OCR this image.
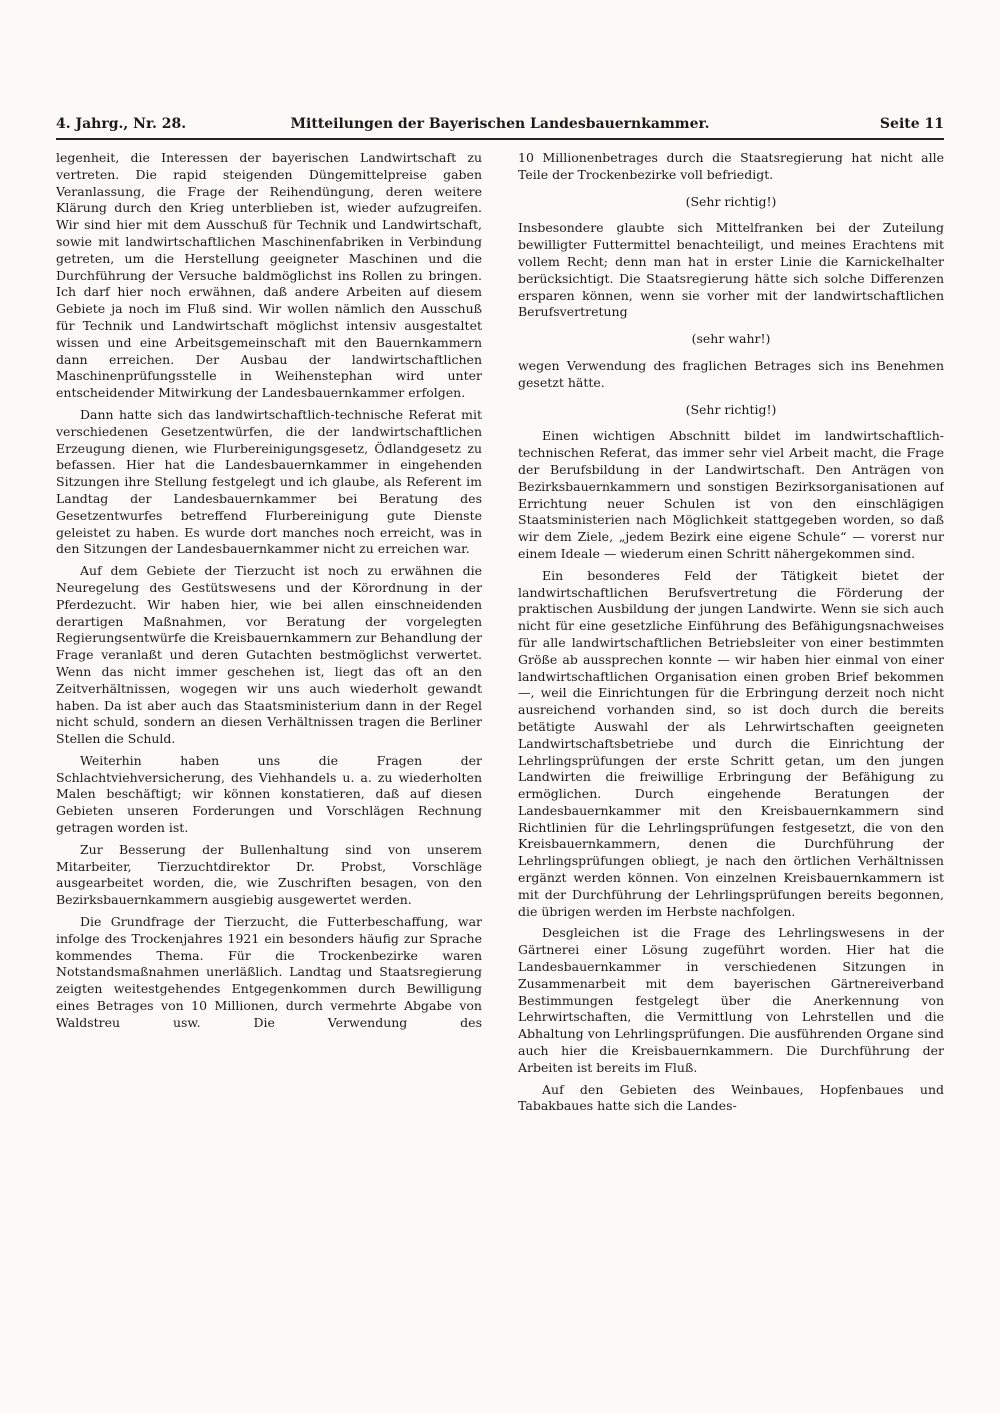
4. Jahrg., Nr. 28.	Mitteilungen der Bayerischen Landesbauernkammer.	Seite 11

legenheit, die Interessen der bayerischen Landwirtschaft zu vertreten. Die rapid steigenden Düngemittelpreise gaben Veranlassung, die Frage der Reihendüngung, deren weitere Klärung durch den Krieg unterblieben ist, wieder aufzugreifen. Wir sind hier mit dem Ausschuß für Technik und Landwirtschaft, sowie mit landwirtschaftlichen Maschinenfabriken in Verbindung getreten, um die Herstellung geeigneter Maschinen und die Durchführung der Versuche baldmöglichst ins Rollen zu bringen. Ich darf hier noch erwähnen, daß andere Arbeiten auf diesem Gebiete ja noch im Fluß sind. Wir wollen nämlich den Ausschuß für Technik und Landwirtschaft möglichst intensiv ausgestaltet wissen und eine Arbeitsgemeinschaft mit den Bauernkammern dann erreichen. Der Ausbau der landwirtschaftlichen Maschinenprüfungsstelle in Weihenstephan wird unter entscheidender Mitwirkung der Landesbauernkammer erfolgen.

Dann hatte sich das landwirtschaftlich-technische Referat mit verschiedenen Gesetzentwürfen, die der landwirtschaftlichen Erzeugung dienen, wie Flurbereinigungsgesetz, Ödlandgesetz zu befassen. Hier hat die Landesbauernkammer in eingehenden Sitzungen ihre Stellung festgelegt und ich glaube, als Referent im Landtag der Landesbauernkammer bei Beratung des Gesetzentwurfes betreffend Flurbereinigung gute Dienste geleistet zu haben. Es wurde dort manches noch erreicht, was in den Sitzungen der Landesbauernkammer nicht zu erreichen war.

Auf dem Gebiete der Tierzucht ist noch zu erwähnen die Neuregelung des Gestütswesens und der Körordnung in der Pferdezucht. Wir haben hier, wie bei allen einschneidenden derartigen Maßnahmen, vor Beratung der vorgelegten Regierungsentwürfe die Kreisbauernkammern zur Behandlung der Frage veranlaßt und deren Gutachten bestmöglichst verwertet. Wenn das nicht immer geschehen ist, liegt das oft an den Zeitverhältnissen, wogegen wir uns auch wiederholt gewandt haben. Da ist aber auch das Staatsministerium dann in der Regel nicht schuld, sondern an diesen Verhältnissen tragen die Berliner Stellen die Schuld.

Weiterhin haben uns die Fragen der Schlachtviehversicherung, des Viehhandels u. a. zu wiederholten Malen beschäftigt; wir können konstatieren, daß auf diesen Gebieten unseren Forderungen und Vorschlägen Rechnung getragen worden ist.

Zur Besserung der Bullenhaltung sind von unserem Mitarbeiter, Tierzuchtdirektor Dr. Probst, Vorschläge ausgearbeitet worden, die, wie Zuschriften besagen, von den Bezirksbauernkammern ausgiebig ausgewertet werden.

Die Grundfrage der Tierzucht, die Futterbeschaffung, war infolge des Trockenjahres 1921 ein besonders häufig zur Sprache kommendes Thema. Für die Trockenbezirke waren Notstandsmaßnahmen unerläßlich. Landtag und Staatsregierung zeigten weitestgehendes Entgegenkommen durch Bewilligung eines Betrages von 10 Millionen, durch vermehrte Abgabe von Waldstreu usw. Die Verwendung des

10 Millionenbetrages durch die Staatsregierung hat nicht alle Teile der Trockenbezirke voll befriedigt.

(Sehr richtig!)

Insbesondere glaubte sich Mittelfranken bei der Zuteilung bewilligter Futtermittel benachteiligt, und meines Erachtens mit vollem Recht; denn man hat in erster Linie die Karnickelhalter berücksichtigt. Die Staatsregierung hätte sich solche Differenzen ersparen können, wenn sie vorher mit der landwirtschaftlichen Berufsvertretung

(sehr wahr!)

wegen Verwendung des fraglichen Betrages sich ins Benehmen gesetzt hätte.

(Sehr richtig!)

Einen wichtigen Abschnitt bildet im landwirtschaftlich-technischen Referat, das immer sehr viel Arbeit macht, die Frage der Berufsbildung in der Landwirtschaft. Den Anträgen von Bezirksbauernkammern und sonstigen Bezirksorganisationen auf Errichtung neuer Schulen ist von den einschlägigen Staatsministerien nach Möglichkeit stattgegeben worden, so daß wir dem Ziele, „jedem Bezirk eine eigene Schule“ — vorerst nur einem Ideale — wiederum einen Schritt nähergekommen sind.

Ein besonderes Feld der Tätigkeit bietet der landwirtschaftlichen Berufsvertretung die Förderung der praktischen Ausbildung der jungen Landwirte. Wenn sie sich auch nicht für eine gesetzliche Einführung des Befähigungsnachweises für alle landwirtschaftlichen Betriebsleiter von einer bestimmten Größe ab aussprechen konnte — wir haben hier einmal von einer landwirtschaftlichen Organisation einen groben Brief bekommen —, weil die Einrichtungen für die Erbringung derzeit noch nicht ausreichend vorhanden sind, so ist doch durch die bereits betätigte Auswahl der als Lehrwirtschaften geeigneten Landwirtschaftsbetriebe und durch die Einrichtung der Lehrlingsprüfungen der erste Schritt getan, um den jungen Landwirten die freiwillige Erbringung der Befähigung zu ermöglichen. Durch eingehende Beratungen der Landesbauernkammer mit den Kreisbauernkammern sind Richtlinien für die Lehrlingsprüfungen festgesetzt, die von den Kreisbauernkammern, denen die Durchführung der Lehrlingsprüfungen obliegt, je nach den örtlichen Verhältnissen ergänzt werden können. Von einzelnen Kreisbauernkammern ist mit der Durchführung der Lehrlingsprüfungen bereits begonnen, die übrigen werden im Herbste nachfolgen.

Desgleichen ist die Frage des Lehrlingswesens in der Gärtnerei einer Lösung zugeführt worden. Hier hat die Landesbauernkammer in verschiedenen Sitzungen in Zusammenarbeit mit dem bayerischen Gärtnereiverband Bestimmungen festgelegt über die Anerkennung von Lehrwirtschaften, die Vermittlung von Lehrstellen und die Abhaltung von Lehrlingsprüfungen. Die ausführenden Organe sind auch hier die Kreisbauernkammern. Die Durchführung der Arbeiten ist bereits im Fluß.

Auf den Gebieten des Weinbaues, Hopfenbaues und Tabakbaues hatte sich die Landes-
